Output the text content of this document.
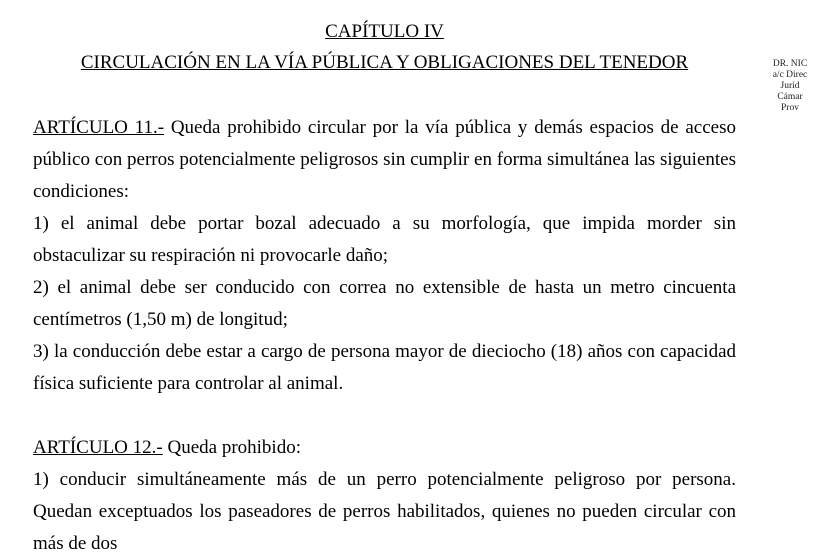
CAPÍTULO IV

CIRCULACIÓN EN LA VÍA PÚBLICA Y OBLIGACIONES DEL TENEDOR

ARTÍCULO 11.- Queda prohibido circular por la vía pública y demás espacios de acceso público con perros potencialmente peligrosos sin cumplir en forma simultánea las siguientes condiciones:

1) el animal debe portar bozal adecuado a su morfología, que impida morder sin obstaculizar su respiración ni provocarle daño;

2) el animal debe ser conducido con correa no extensible de hasta un metro cincuenta centímetros (1,50 m) de longitud;

3) la conducción debe estar a cargo de persona mayor de dieciocho (18) años con capacidad física suficiente para controlar al animal.

ARTÍCULO 12.- Queda prohibido:

1) conducir simultáneamente más de un perro potencialmente peligroso por persona. Quedan exceptuados los paseadores de perros habilitados, quienes no pueden circular con más de dos

DR. NIC
a/c Direc
Juríd
Cámar
Prov
